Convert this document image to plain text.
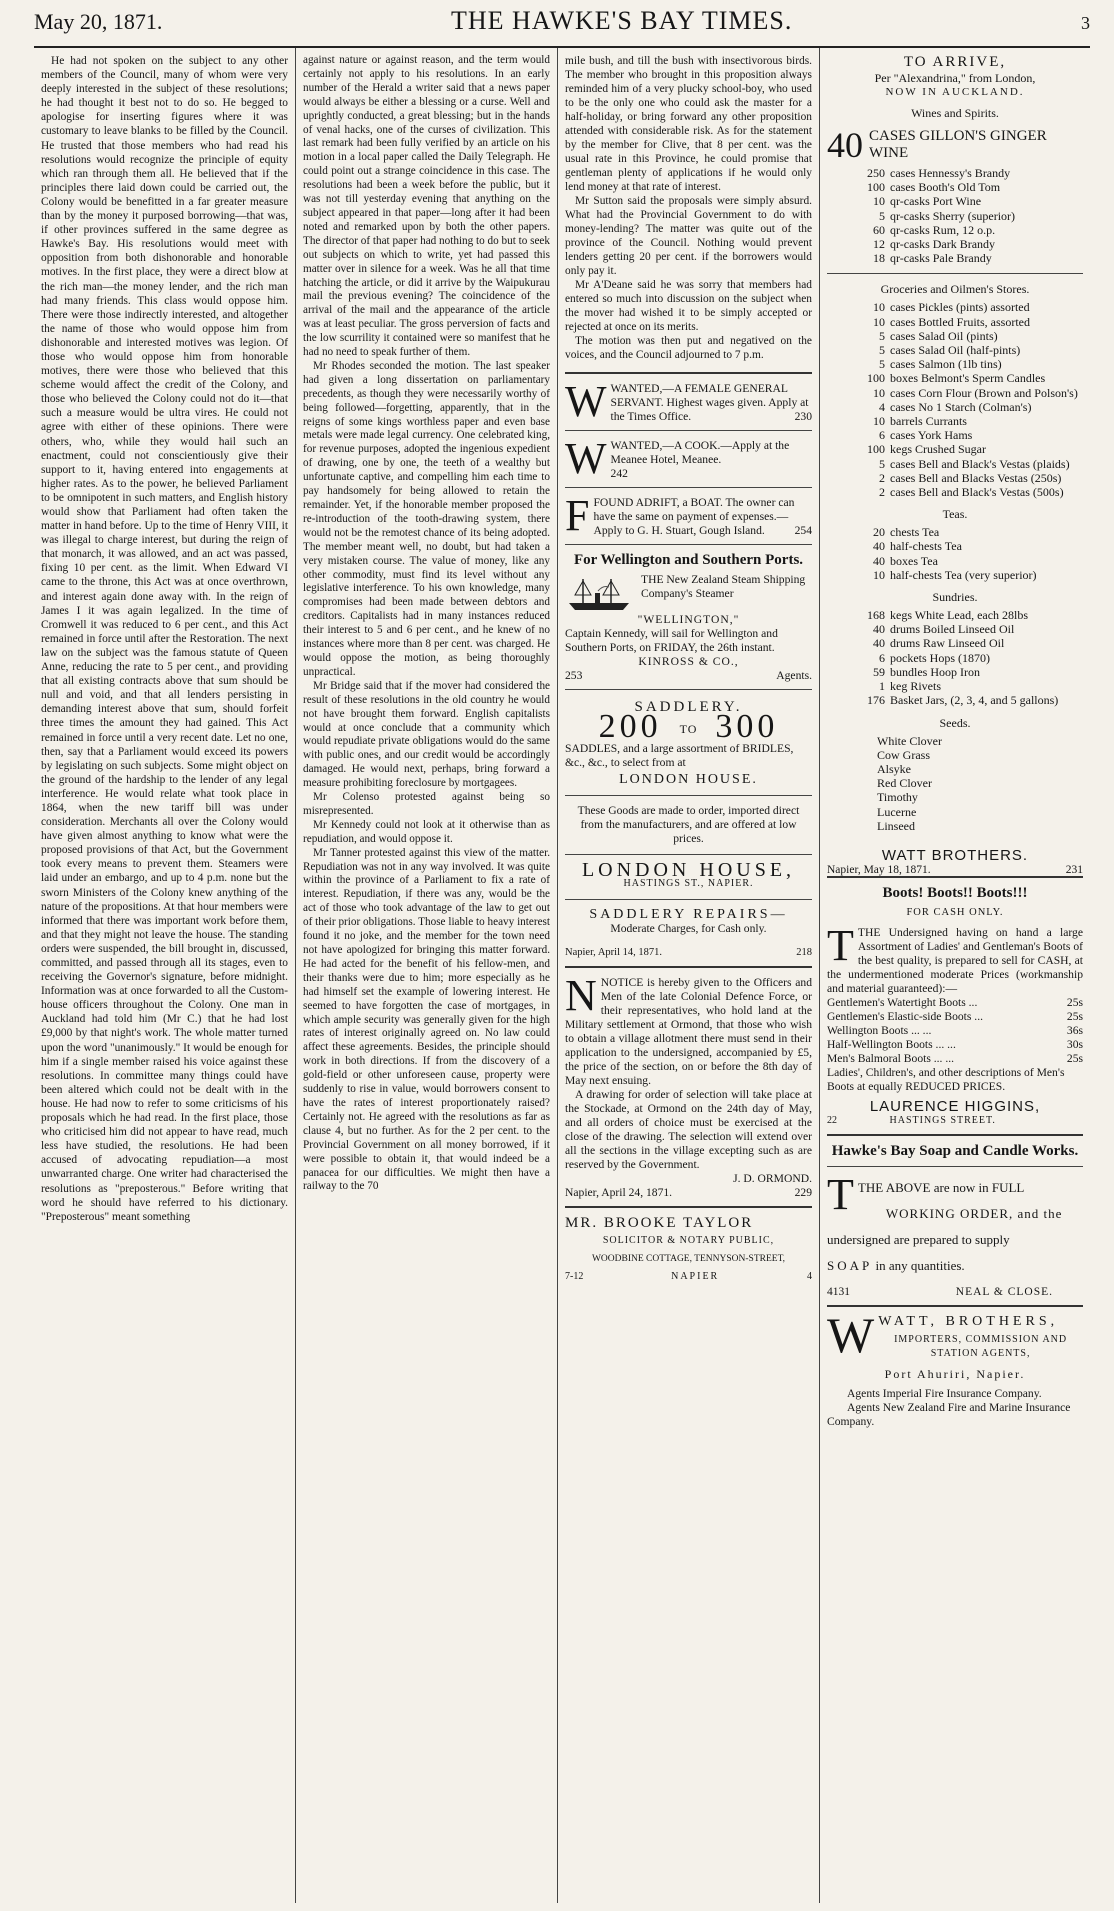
May 20, 1871.	THE HAWKE'S BAY TIMES.	3

He had not spoken on the subject to any other members of the Council, many of whom were very deeply interested in the subject of these resolutions; he had thought it best not to do so. He begged to apologise for inserting figures where it was customary to leave blanks to be filled by the Council. He trusted that those members who had read his resolutions would recognize the principle of equity which ran through them all. He believed that if the principles there laid down could be carried out, the Colony would be benefitted in a far greater measure than by the money it purposed borrowing—that was, if other provinces suffered in the same degree as Hawke's Bay. His resolutions would meet with opposition from both dishonorable and honorable motives. In the first place, they were a direct blow at the rich man—the money lender, and the rich man had many friends. This class would oppose him. There were those indirectly interested, and altogether the name of those who would oppose him from dishonorable and interested motives was legion. Of those who would oppose him from honorable motives, there were those who believed that this scheme would affect the credit of the Colony, and those who believed the Colony could not do it—that such a measure would be ultra vires. He could not agree with either of these opinions. There were others, who, while they would hail such an enactment, could not conscientiously give their support to it, having entered into engagements at higher rates. As to the power, he believed Parliament to be omnipotent in such matters, and English history would show that Parliament had often taken the matter in hand before. Up to the time of Henry VIII, it was illegal to charge interest, but during the reign of that monarch, it was allowed, and an act was passed, fixing 10 per cent. as the limit. When Edward VI came to the throne, this Act was at once overthrown, and interest again done away with. In the reign of James I it was again legalized. In the time of Cromwell it was reduced to 6 per cent., and this Act remained in force until after the Restoration. The next law on the subject was the famous statute of Queen Anne, reducing the rate to 5 per cent., and providing that all existing contracts above that sum should be null and void, and that all lenders persisting in demanding interest above that sum, should forfeit three times the amount they had gained. This Act remained in force until a very recent date. Let no one, then, say that a Parliament would exceed its powers by legislating on such subjects. Some might object on the ground of the hardship to the lender of any legal interference. He would relate what took place in 1864, when the new tariff bill was under consideration. Merchants all over the Colony would have given almost anything to know what were the proposed provisions of that Act, but the Government took every means to prevent them. Steamers were laid under an embargo, and up to 4 p.m. none but the sworn Ministers of the Colony knew anything of the nature of the propositions. At that hour members were informed that there was important work before them, and that they might not leave the house. The standing orders were suspended, the bill brought in, discussed, committed, and passed through all its stages, even to receiving the Governor's signature, before midnight. Information was at once forwarded to all the Custom-house officers throughout the Colony. One man in Auckland had told him (Mr C.) that he had lost £9,000 by that night's work. The whole matter turned upon the word "unanimously." It would be enough for him if a single member raised his voice against these resolutions. In committee many things could have been altered which could not be dealt with in the house. He had now to refer to some criticisms of his proposals which he had read. In the first place, those who criticised him did not appear to have read, much less have studied, the resolutions. He had been accused of advocating repudiation—a most unwarranted charge. One writer had characterised the resolutions as "preposterous." Before writing that word he should have referred to his dictionary. "Preposterous" meant something

against nature or against reason, and the term would certainly not apply to his resolutions. In an early number of the Herald a writer said that a news paper would always be either a blessing or a curse. Well and uprightly conducted, a great blessing; but in the hands of venal hacks, one of the curses of civilization. This last remark had been fully verified by an article on his motion in a local paper called the Daily Telegraph. He could point out a strange coincidence in this case. The resolutions had been a week before the public, but it was not till yesterday evening that anything on the subject appeared in that paper—long after it had been noted and remarked upon by both the other papers. The director of that paper had nothing to do but to seek out subjects on which to write, yet had passed this matter over in silence for a week. Was he all that time hatching the article, or did it arrive by the Waipukurau mail the previous evening? The coincidence of the arrival of the mail and the appearance of the article was at least peculiar. The gross perversion of facts and the low scurrility it contained were so manifest that he had no need to speak further of them.

Mr Rhodes seconded the motion. The last speaker had given a long dissertation on parliamentary precedents, as though they were necessarily worthy of being followed—forgetting, apparently, that in the reigns of some kings worthless paper and even base metals were made legal currency. One celebrated king, for revenue purposes, adopted the ingenious expedient of drawing, one by one, the teeth of a wealthy but unfortunate captive, and compelling him each time to pay handsomely for being allowed to retain the remainder. Yet, if the honorable member proposed the re-introduction of the tooth-drawing system, there would not be the remotest chance of its being adopted. The member meant well, no doubt, but had taken a very mistaken course. The value of money, like any other commodity, must find its level without any legislative interference. To his own knowledge, many compromises had been made between debtors and creditors. Capitalists had in many instances reduced their interest to 5 and 6 per cent., and he knew of no instances where more than 8 per cent. was charged. He would oppose the motion, as being thoroughly unpractical.

Mr Bridge said that if the mover had considered the result of these resolutions in the old country he would not have brought them forward. English capitalists would at once conclude that a community which would repudiate private obligations would do the same with public ones, and our credit would be accordingly damaged. He would next, perhaps, bring forward a measure prohibiting foreclosure by mortgagees.

Mr Colenso protested against being so misrepresented.

Mr Kennedy could not look at it otherwise than as repudiation, and would oppose it.

Mr Tanner protested against this view of the matter. Repudiation was not in any way involved. It was quite within the province of a Parliament to fix a rate of interest. Repudiation, if there was any, would be the act of those who took advantage of the law to get out of their prior obligations. Those liable to heavy interest found it no joke, and the member for the town need not have apologized for bringing this matter forward. He had acted for the benefit of his fellow-men, and their thanks were due to him; more especially as he had himself set the example of lowering interest. He seemed to have forgotten the case of mortgages, in which ample security was generally given for the high rates of interest originally agreed on. No law could affect these agreements. Besides, the principle should work in both directions. If from the discovery of a gold-field or other unforeseen cause, property were suddenly to rise in value, would borrowers consent to have the rates of interest proportionately raised? Certainly not. He agreed with the resolutions as far as clause 4, but no further. As for the 2 per cent. to the Provincial Government on all money borrowed, if it were possible to obtain it, that would indeed be a panacea for our difficulties. We might then have a railway to the 70

mile bush, and till the bush with insectivorous birds. The member who brought in this proposition always reminded him of a very plucky school-boy, who used to be the only one who could ask the master for a half-holiday, or bring forward any other proposition attended with considerable risk. As for the statement by the member for Clive, that 8 per cent. was the usual rate in this Province, he could promise that gentleman plenty of applications if he would only lend money at that rate of interest.

Mr Sutton said the proposals were simply absurd. What had the Provincial Government to do with money-lending? The matter was quite out of the province of the Council. Nothing would prevent lenders getting 20 per cent. if the borrowers would only pay it.

Mr A'Deane said he was sorry that members had entered so much into discussion on the subject when the mover had wished it to be simply accepted or rejected at once on its merits.

The motion was then put and negatived on the voices, and the Council adjourned to 7 p.m.

W WANTED,—A FEMALE GENERAL SERVANT. Highest wages given. Apply at the Times Office.	230
W WANTED,—A COOK.—Apply at the Meanee Hotel, Meanee.
242
F FOUND ADRIFT, a BOAT. The owner can have the same on payment of expenses.—Apply to G. H. Stuart, Gough Island.	254
For Wellington and Southern Ports.
THE New Zealand Steam Shipping Company's Steamer
"WELLINGTON,"
Captain Kennedy, will sail for Wellington and Southern Ports, on FRIDAY, the 26th instant.
KINROSS & CO.,
253	Agents.
SADDLERY.
200 TO 300
SADDLES, and a large assortment of BRIDLES, &c., &c., to select from at
LONDON HOUSE.
These Goods are made to order, imported direct from the manufacturers, and are offered at low prices.
LONDON HOUSE,
HASTINGS ST., NAPIER.
SADDLERY REPAIRS—
Moderate Charges, for Cash only.
Napier, April 14, 1871.	218
N NOTICE is hereby given to the Officers and Men of the late Colonial Defence Force, or their representatives, who hold land at the Military settlement at Ormond, that those who wish to obtain a village allotment there must send in their application to the undersigned, accompanied by £5, the price of the section, on or before the 8th day of May next ensuing.
A drawing for order of selection will take place at the Stockade, at Ormond on the 24th day of May, and all orders of choice must be exercised at the close of the drawing. The selection will extend over all the sections in the village excepting such as are reserved by the Government.
J. D. ORMOND.
Napier, April 24, 1871.	229
MR. BROOKE TAYLOR
SOLICITOR & NOTARY PUBLIC,
WOODBINE COTTAGE, TENNYSON-STREET,
7-12	NAPIER	4
TO ARRIVE,
Per "Alexandrina," from London,
NOW IN AUCKLAND.
Wines and Spirits.
40 CASES GILLON'S GINGER WINE
250 cases Hennessy's Brandy
100 cases Booth's Old Tom
10 qr-casks Port Wine
5 qr-casks Sherry (superior)
60 qr-casks Rum, 12 o.p.
12 qr-casks Dark Brandy
18 qr-casks Pale Brandy
Groceries and Oilmen's Stores.
10 cases Pickles (pints) assorted
10 cases Bottled Fruits, assorted
5 cases Salad Oil (pints)
5 cases Salad Oil (half-pints)
5 cases Salmon (1lb tins)
100 boxes Belmont's Sperm Candles
10 cases Corn Flour (Brown and Polson's)
4 cases No 1 Starch (Colman's)
10 barrels Currants
6 cases York Hams
100 kegs Crushed Sugar
5 cases Bell and Black's Vestas (plaids)
2 cases Bell and Blacks Vestas (250s)
2 cases Bell and Black's Vestas (500s)
Teas.
20 chests Tea
40 half-chests Tea
40 boxes Tea
10 half-chests Tea (very superior)
Sundries.
168 kegs White Lead, each 28lbs
40 drums Boiled Linseed Oil
40 drums Raw Linseed Oil
6 pockets Hops (1870)
59 bundles Hoop Iron
1 keg Rivets
176 Basket Jars, (2, 3, 4, and 5 gallons)
Seeds.
White Clover
Cow Grass
Alsyke
Red Clover
Timothy
Lucerne
Linseed
WATT BROTHERS.
Napier, May 18, 1871.	231
Boots! Boots!! Boots!!!
FOR CASH ONLY.
T THE Undersigned having on hand a large Assortment of Ladies' and Gentleman's Boots of the best quality, is prepared to sell for CASH, at the undermentioned moderate Prices (workmanship and material guaranteed):—
Gentlemen's Watertight Boots ...	25s
Gentlemen's Elastic-side Boots ...	25s
Wellington Boots ... ...	36s
Half-Wellington Boots ... ...	30s
Men's Balmoral Boots ... ...	25s
Ladies', Children's, and other descriptions of Men's Boots at equally REDUCED PRICES.
LAURENCE HIGGINS,
22	HASTINGS STREET.
Hawke's Bay Soap and Candle Works.
T THE ABOVE are now in FULL
WORKING ORDER, and the
undersigned are prepared to supply
SOAP in any quantities.
4131	NEAL & CLOSE.
W WATT, BROTHERS,
IMPORTERS, COMMISSION AND STATION AGENTS,
Port Ahuriri, Napier.
Agents Imperial Fire Insurance Company.
Agents New Zealand Fire and Marine Insurance Company.
